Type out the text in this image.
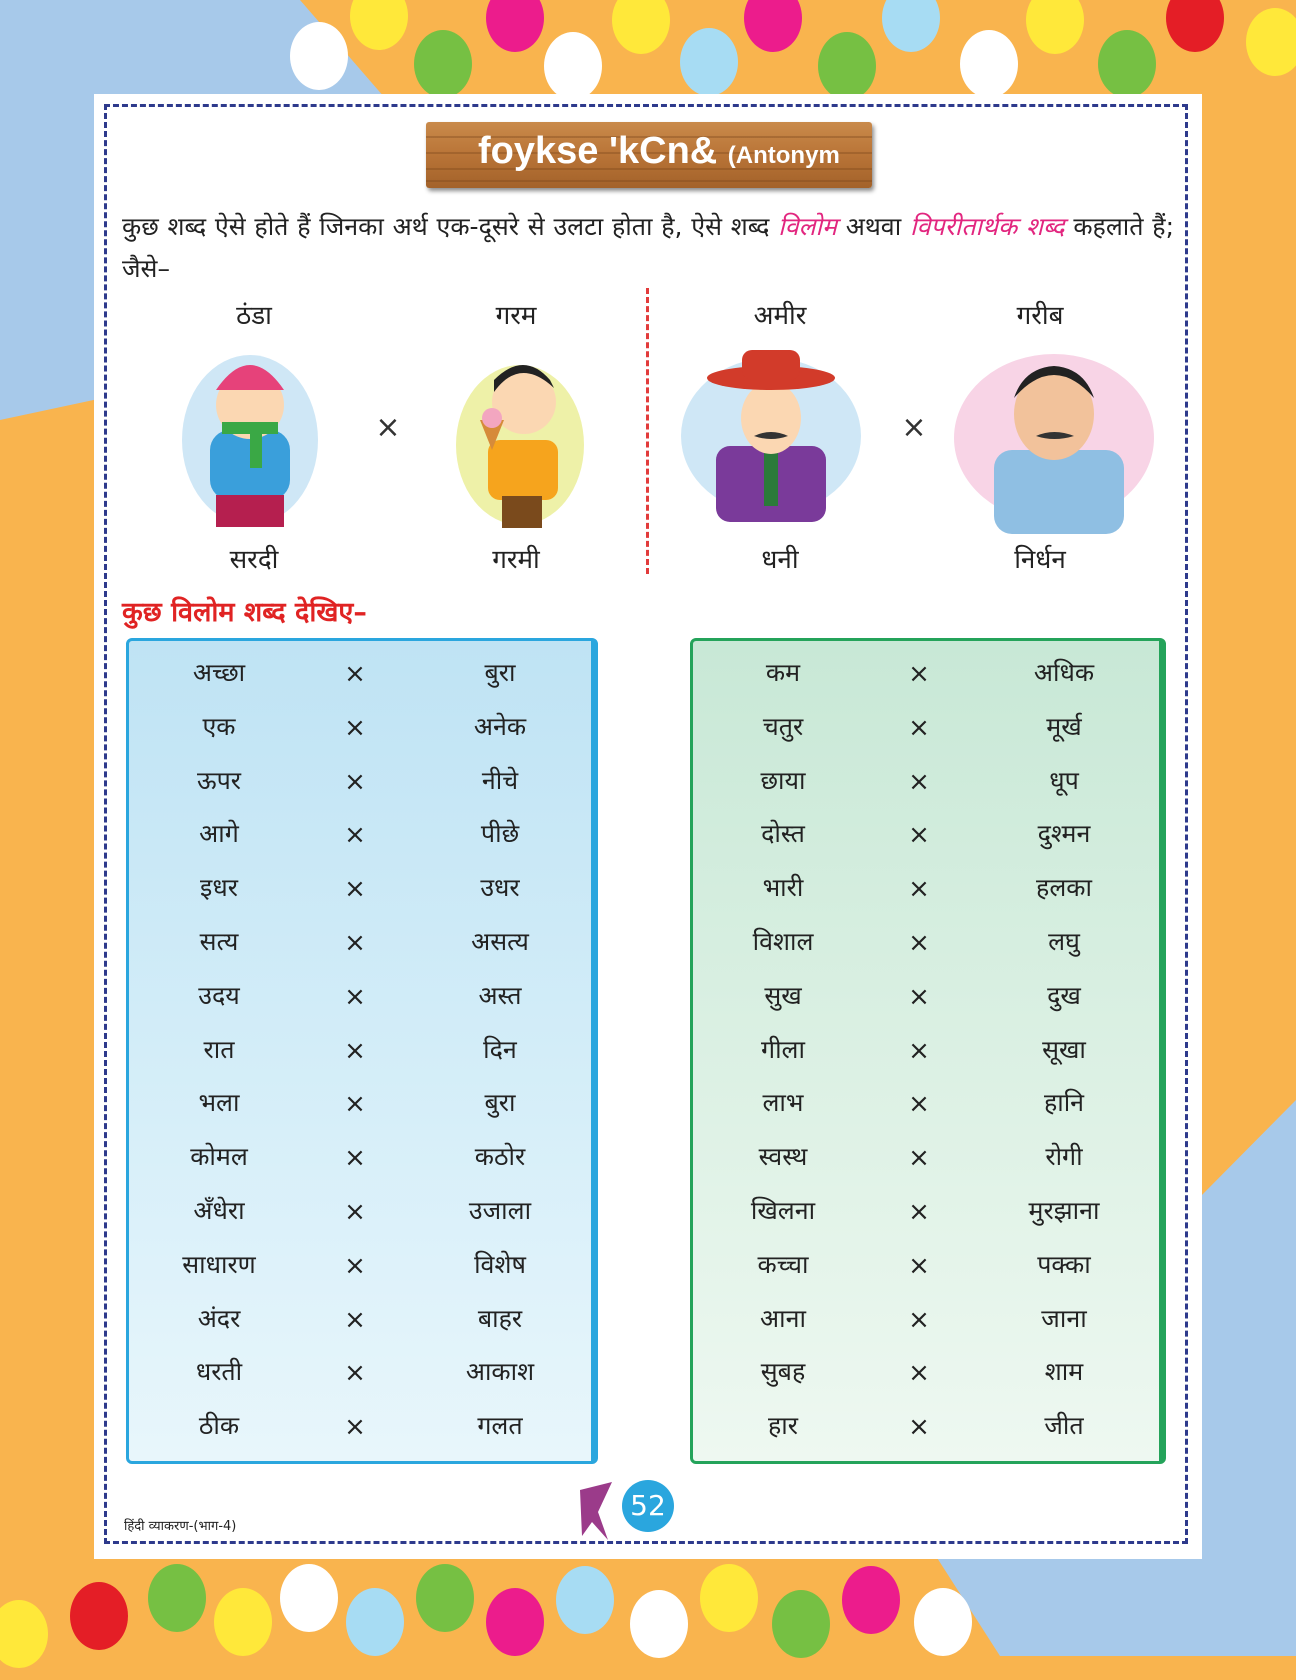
foykse 'kCn& (Antonym
कुछ शब्द ऐसे होते हैं जिनका अर्थ एक-दूसरे से उलटा होता है, ऐसे शब्द विलोम अथवा विपरीतार्थक शब्द कहलाते हैं; जैसे–
ठंडा	गरम	अमीर	गरीब
सरदी	गरमी	धनी	निर्धन
×	×
कुछ विलोम शब्द देखिए–
अच्छा	×	बुरा
एक	×	अनेक
ऊपर	×	नीचे
आगे	×	पीछे
इधर	×	उधर
सत्य	×	असत्य
उदय	×	अस्त
रात	×	दिन
भला	×	बुरा
कोमल	×	कठोर
अँधेरा	×	उजाला
साधारण	×	विशेष
अंदर	×	बाहर
धरती	×	आकाश
ठीक	×	गलत
कम	×	अधिक
चतुर	×	मूर्ख
छाया	×	धूप
दोस्त	×	दुश्मन
भारी	×	हलका
विशाल	×	लघु
सुख	×	दुख
गीला	×	सूखा
लाभ	×	हानि
स्वस्थ	×	रोगी
खिलना	×	मुरझाना
कच्चा	×	पक्का
आना	×	जाना
सुबह	×	शाम
हार	×	जीत
हिंदी व्याकरण-(भाग-4)
52
